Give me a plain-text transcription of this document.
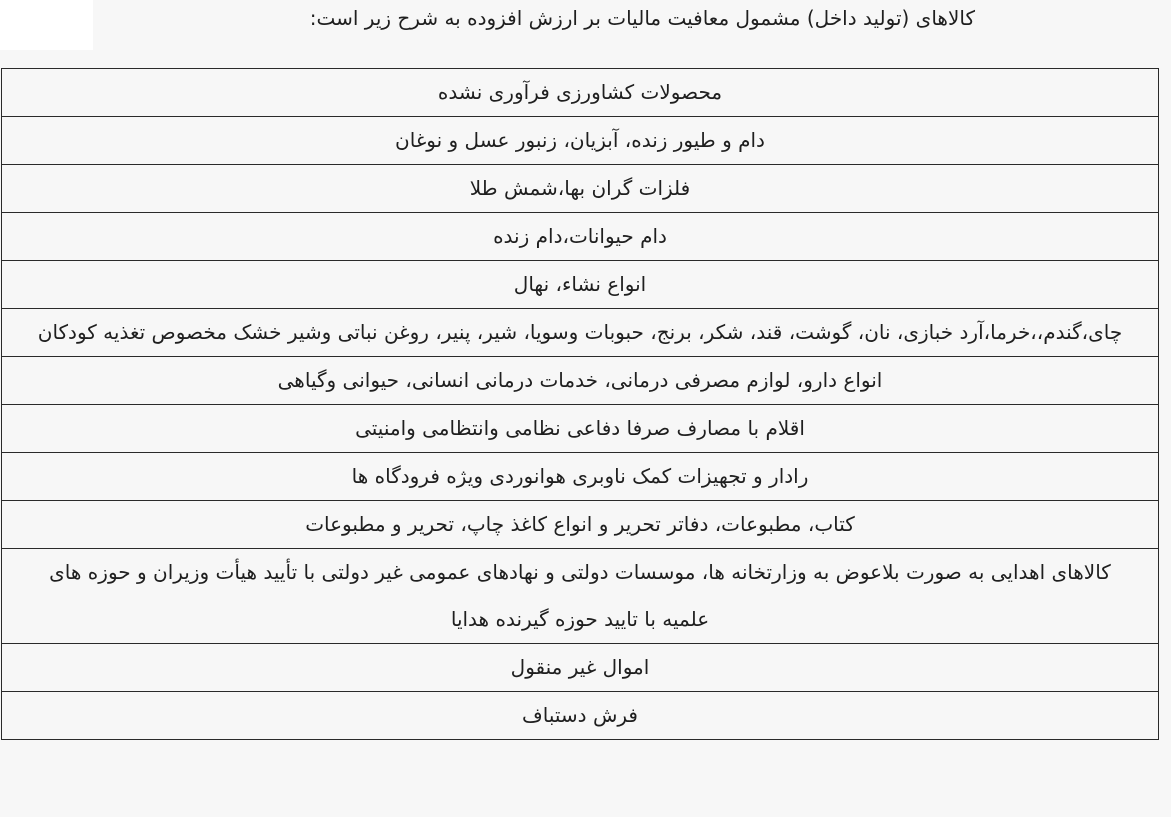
کالاهای (تولید داخل) مشمول معافیت مالیات بر ارزش افزوده به شرح زیر است:
محصولات کشاورزی فرآوری نشده
دام و طیور زنده، آبزیان، زنبور عسل و نوغان
فلزات گران بها،شمش طلا
دام حیوانات،دام زنده
انواع نشاء، نهال
چای،گندم،،خرما،آرد خبازی، نان، گوشت، قند، شکر، برنج، حبوبات وسویا، شیر، پنیر، روغن نباتی وشیر خشک مخصوص تغذیه کودکان
انواع دارو، لوازم مصرفی درمانی، خدمات درمانی انسانی، حیوانی وگیاهی
اقلام با مصارف صرفا دفاعی نظامی وانتظامی وامنیتی
رادار و تجهیزات کمک ناوبری هوانوردی ویژه فرودگاه ها
کتاب، مطبوعات، دفاتر تحریر و انواع کاغذ چاپ، تحریر و مطبوعات
کالاهای اهدایی به صورت بلاعوض به وزارتخانه ها، موسسات دولتی و نهادهای عمومی غیر دولتی با تأیید هیأت وزیران و حوزه های علمیه با تایید حوزه گیرنده هدایا
اموال غیر منقول
فرش دستباف
